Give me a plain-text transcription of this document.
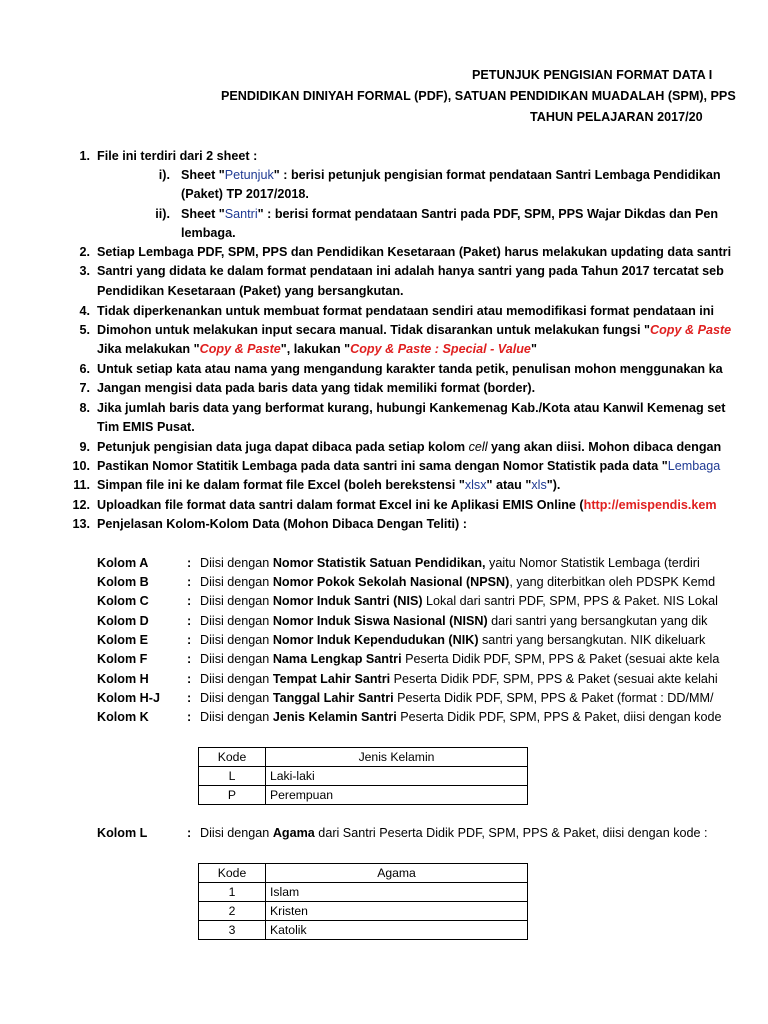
PETUNJUK PENGISIAN FORMAT DATA I
PENDIDIKAN DINIYAH FORMAL (PDF), SATUAN PENDIDIKAN MUADALAH (SPM), PPS
TAHUN PELAJARAN 2017/20
1. File ini terdiri dari 2 sheet :
i). Sheet "Petunjuk" : berisi petunjuk pengisian format pendataan Santri Lembaga Pendidikan
(Paket) TP 2017/2018.
ii). Sheet "Santri" : berisi format pendataan Santri pada PDF, SPM, PPS Wajar Dikdas dan Pen
lembaga.
2. Setiap Lembaga PDF, SPM, PPS dan Pendidikan Kesetaraan (Paket) harus melakukan updating data santri
3. Santri yang didata ke dalam format pendataan ini adalah hanya santri yang pada Tahun 2017 tercatat seb
Pendidikan Kesetaraan (Paket) yang bersangkutan.
4. Tidak diperkenankan untuk membuat format pendataan sendiri atau memodifikasi format pendataan ini
5. Dimohon untuk melakukan input secara manual. Tidak disarankan untuk melakukan fungsi "Copy & Paste
Jika melakukan "Copy & Paste", lakukan "Copy & Paste : Special - Value"
6. Untuk setiap kata atau nama yang mengandung karakter tanda petik, penulisan mohon menggunakan ka
7. Jangan mengisi data pada baris data yang tidak memiliki format (border).
8. Jika jumlah baris data yang berformat kurang, hubungi Kankemenag Kab./Kota atau Kanwil Kemenag set
Tim EMIS Pusat.
9. Petunjuk pengisian data juga dapat dibaca pada setiap kolom cell yang akan diisi. Mohon dibaca dengan
10. Pastikan Nomor Statitik Lembaga pada data santri ini sama dengan Nomor Statistik pada data "Lembaga
11. Simpan file ini ke dalam format file Excel (boleh berekstensi "xlsx" atau "xls").
12. Uploadkan file format data santri dalam format Excel ini ke Aplikasi EMIS Online (http://emispendis.kem
13. Penjelasan Kolom-Kolom Data (Mohon Dibaca Dengan Teliti) :
Kolom A	: Diisi dengan Nomor Statistik Satuan Pendidikan, yaitu Nomor Statistik Lembaga (terdiri
Kolom B	: Diisi dengan Nomor Pokok Sekolah Nasional (NPSN), yang diterbitkan oleh PDSPK Kemd
Kolom C	: Diisi dengan Nomor Induk Santri (NIS) Lokal dari santri PDF, SPM, PPS & Paket. NIS Lokal
Kolom D	: Diisi dengan Nomor Induk Siswa Nasional (NISN) dari santri yang bersangkutan yang dik
Kolom E	: Diisi dengan Nomor Induk Kependudukan (NIK) santri yang bersangkutan. NIK dikeluark
Kolom F	: Diisi dengan Nama Lengkap Santri Peserta Didik PDF, SPM, PPS & Paket (sesuai akte kela
Kolom H	: Diisi dengan Tempat Lahir Santri Peserta Didik PDF, SPM, PPS & Paket (sesuai akte kelahi
Kolom H-J : Diisi dengan Tanggal Lahir Santri Peserta Didik PDF, SPM, PPS & Paket (format : DD/MM/
Kolom K	: Diisi dengan Jenis Kelamin Santri Peserta Didik PDF, SPM, PPS & Paket, diisi dengan kode
Kode	Jenis Kelamin
L	Laki-laki
P	Perempuan
Kolom L	: Diisi dengan Agama dari Santri Peserta Didik PDF, SPM, PPS & Paket, diisi dengan kode :
Kode	Agama
1	Islam
2	Kristen
3	Katolik
